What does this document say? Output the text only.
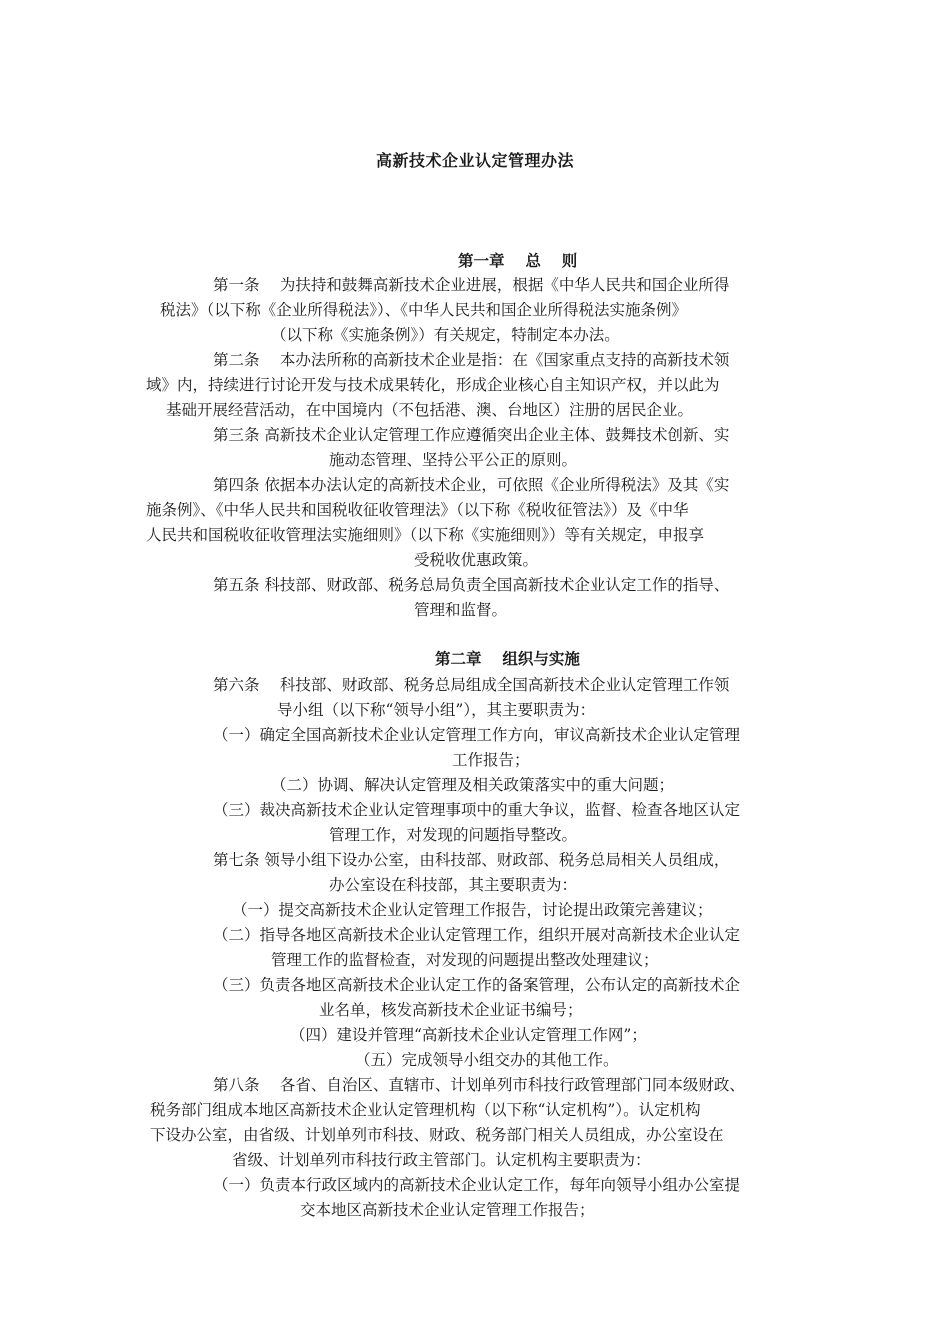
高新技术企业认定管理办法
第一章　 总　 则
第一条　 为扶持和鼓舞高新技术企业进展，根据《中华人民共和国企业所得
税法》（以下称《企业所得税法》）、《中华人民共和国企业所得税法实施条例》
（以下称《实施条例》）有关规定，特制定本办法。
第二条　 本办法所称的高新技术企业是指：在《国家重点支持的高新技术领
域》内，持续进行讨论开发与技术成果转化，形成企业核心自主知识产权，并以此为
基础开展经营活动，在中国境内（不包括港、澳、台地区）注册的居民企业。
第三条 高新技术企业认定管理工作应遵循突出企业主体、鼓舞技术创新、实
施动态管理、坚持公平公正的原则。
第四条 依据本办法认定的高新技术企业，可依照《企业所得税法》及其《实
施条例》、《中华人民共和国税收征收管理法》（以下称《税收征管法》）及《中华
人民共和国税收征收管理法实施细则》（以下称《实施细则》）等有关规定，申报享
受税收优惠政策。
第五条 科技部、财政部、税务总局负责全国高新技术企业认定工作的指导、
管理和监督。
第二章　 组织与实施
第六条　 科技部、财政部、税务总局组成全国高新技术企业认定管理工作领
导小组（以下称“领导小组”），其主要职责为：
（一）确定全国高新技术企业认定管理工作方向，审议高新技术企业认定管理
工作报告；
（二）协调、解决认定管理及相关政策落实中的重大问题；
（三）裁决高新技术企业认定管理事项中的重大争议，监督、检查各地区认定
管理工作，对发现的问题指导整改。
第七条 领导小组下设办公室，由科技部、财政部、税务总局相关人员组成，
办公室设在科技部，其主要职责为：
（一）提交高新技术企业认定管理工作报告，讨论提出政策完善建议；
（二）指导各地区高新技术企业认定管理工作，组织开展对高新技术企业认定
管理工作的监督检查，对发现的问题提出整改处理建议；
（三）负责各地区高新技术企业认定工作的备案管理，公布认定的高新技术企
业名单，核发高新技术企业证书编号；
（四）建设并管理“高新技术企业认定管理工作网”；
（五）完成领导小组交办的其他工作。
第八条　 各省、自治区、直辖市、计划单列市科技行政管理部门同本级财政、
税务部门组成本地区高新技术企业认定管理机构（以下称“认定机构”）。认定机构
下设办公室，由省级、计划单列市科技、财政、税务部门相关人员组成，办公室设在
省级、计划单列市科技行政主管部门。认定机构主要职责为：
（一）负责本行政区域内的高新技术企业认定工作，每年向领导小组办公室提
交本地区高新技术企业认定管理工作报告；
